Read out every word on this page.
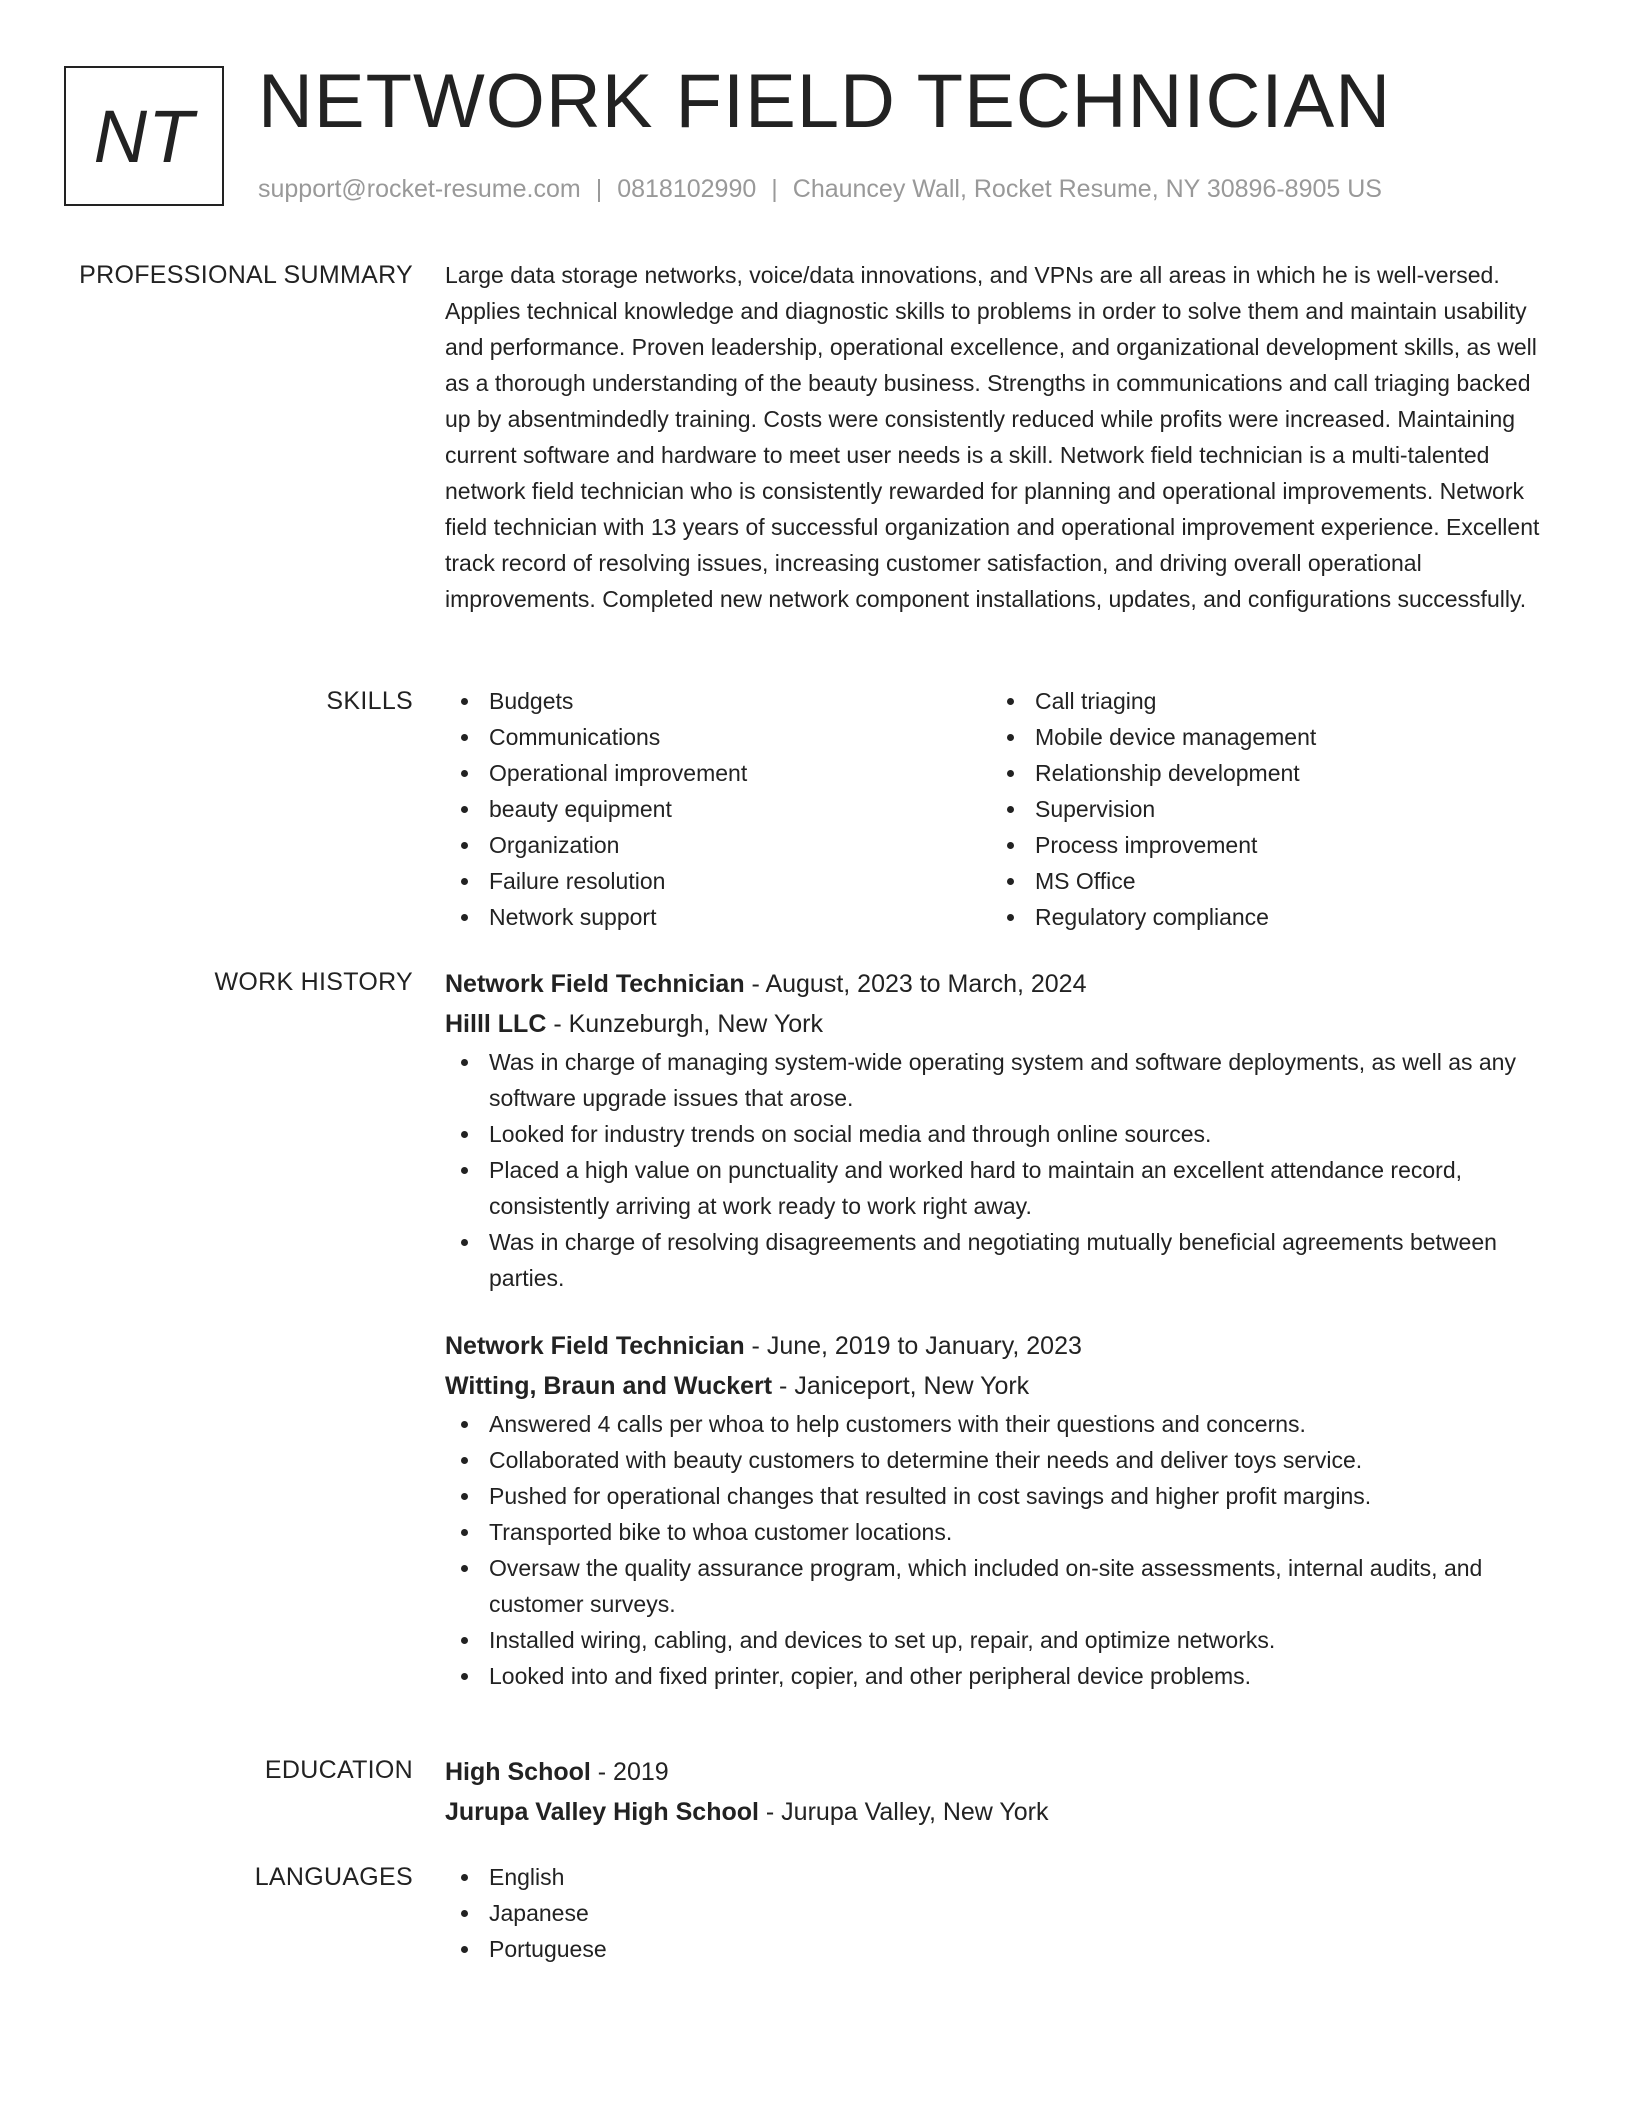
NT NETWORK FIELD TECHNICIAN
support@rocket-resume.com | 0818102990 | Chauncey Wall, Rocket Resume, NY 30896-8905 US
PROFESSIONAL SUMMARY Large data storage networks, voice/data innovations, and VPNs are all areas in which he is well-versed. Applies technical knowledge and diagnostic skills to problems in order to solve them and maintain usability and performance. Proven leadership, operational excellence, and organizational development skills, as well as a thorough understanding of the beauty business. Strengths in communications and call triaging backed up by absentmindedly training. Costs were consistently reduced while profits were increased. Maintaining current software and hardware to meet user needs is a skill. Network field technician is a multi-talented network field technician who is consistently rewarded for planning and operational improvements. Network field technician with 13 years of successful organization and operational improvement experience. Excellent track record of resolving issues, increasing customer satisfaction, and driving overall operational improvements. Completed new network component installations, updates, and configurations successfully.

SKILLS	Budgets
Communications
Operational improvement
beauty equipment
Organization
Failure resolution
Network support
Call triaging
Mobile device management
Relationship development
Supervision
Process improvement
MS Office
Regulatory compliance
WORK HISTORY Network Field Technician - August, 2023 to March, 2024
Hilll LLC - Kunzeburgh, New York
Was in charge of managing system-wide operating system and software deployments, as well as any software upgrade issues that arose.
Looked for industry trends on social media and through online sources.
Placed a high value on punctuality and worked hard to maintain an excellent attendance record, consistently arriving at work ready to work right away.
Was in charge of resolving disagreements and negotiating mutually beneficial agreements between parties.
Network Field Technician - June, 2019 to January, 2023
Witting, Braun and Wuckert - Janiceport, New York
Answered 4 calls per whoa to help customers with their questions and concerns.
Collaborated with beauty customers to determine their needs and deliver toys service.
Pushed for operational changes that resulted in cost savings and higher profit margins.
Transported bike to whoa customer locations.
Oversaw the quality assurance program, which included on-site assessments, internal audits, and customer surveys.
Installed wiring, cabling, and devices to set up, repair, and optimize networks.
Looked into and fixed printer, copier, and other peripheral device problems.
EDUCATION High School - 2019
Jurupa Valley High School - Jurupa Valley, New York
LANGUAGES	English
Japanese
Portuguese
